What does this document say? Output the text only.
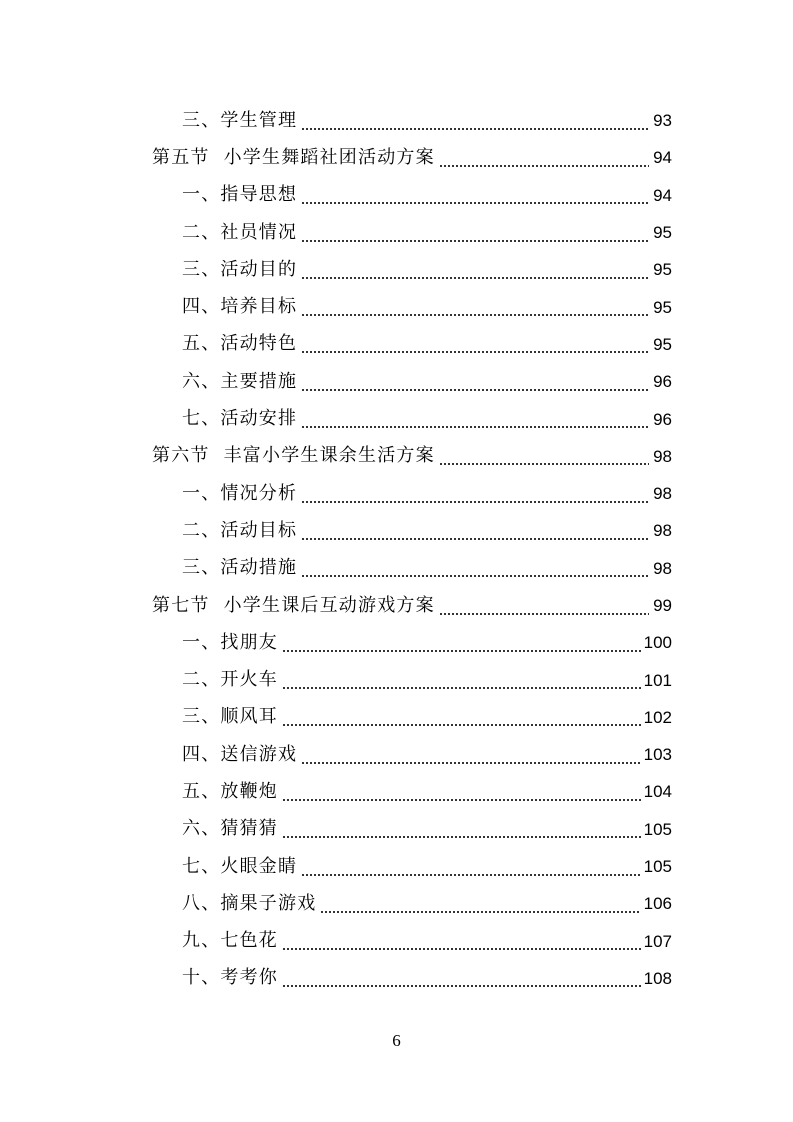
三、学生管理	93
第五节 小学生舞蹈社团活动方案	94
一、指导思想	94
二、社员情况	95
三、活动目的	95
四、培养目标	95
五、活动特色	95
六、主要措施	96
七、活动安排	96
第六节 丰富小学生课余生活方案	98
一、情况分析	98
二、活动目标	98
三、活动措施	98
第七节 小学生课后互动游戏方案	99
一、找朋友	100
二、开火车	101
三、顺风耳	102
四、送信游戏	103
五、放鞭炮	104
六、猜猜猜	105
七、火眼金睛	105
八、摘果子游戏	106
九、七色花	107
十、考考你	108
6
